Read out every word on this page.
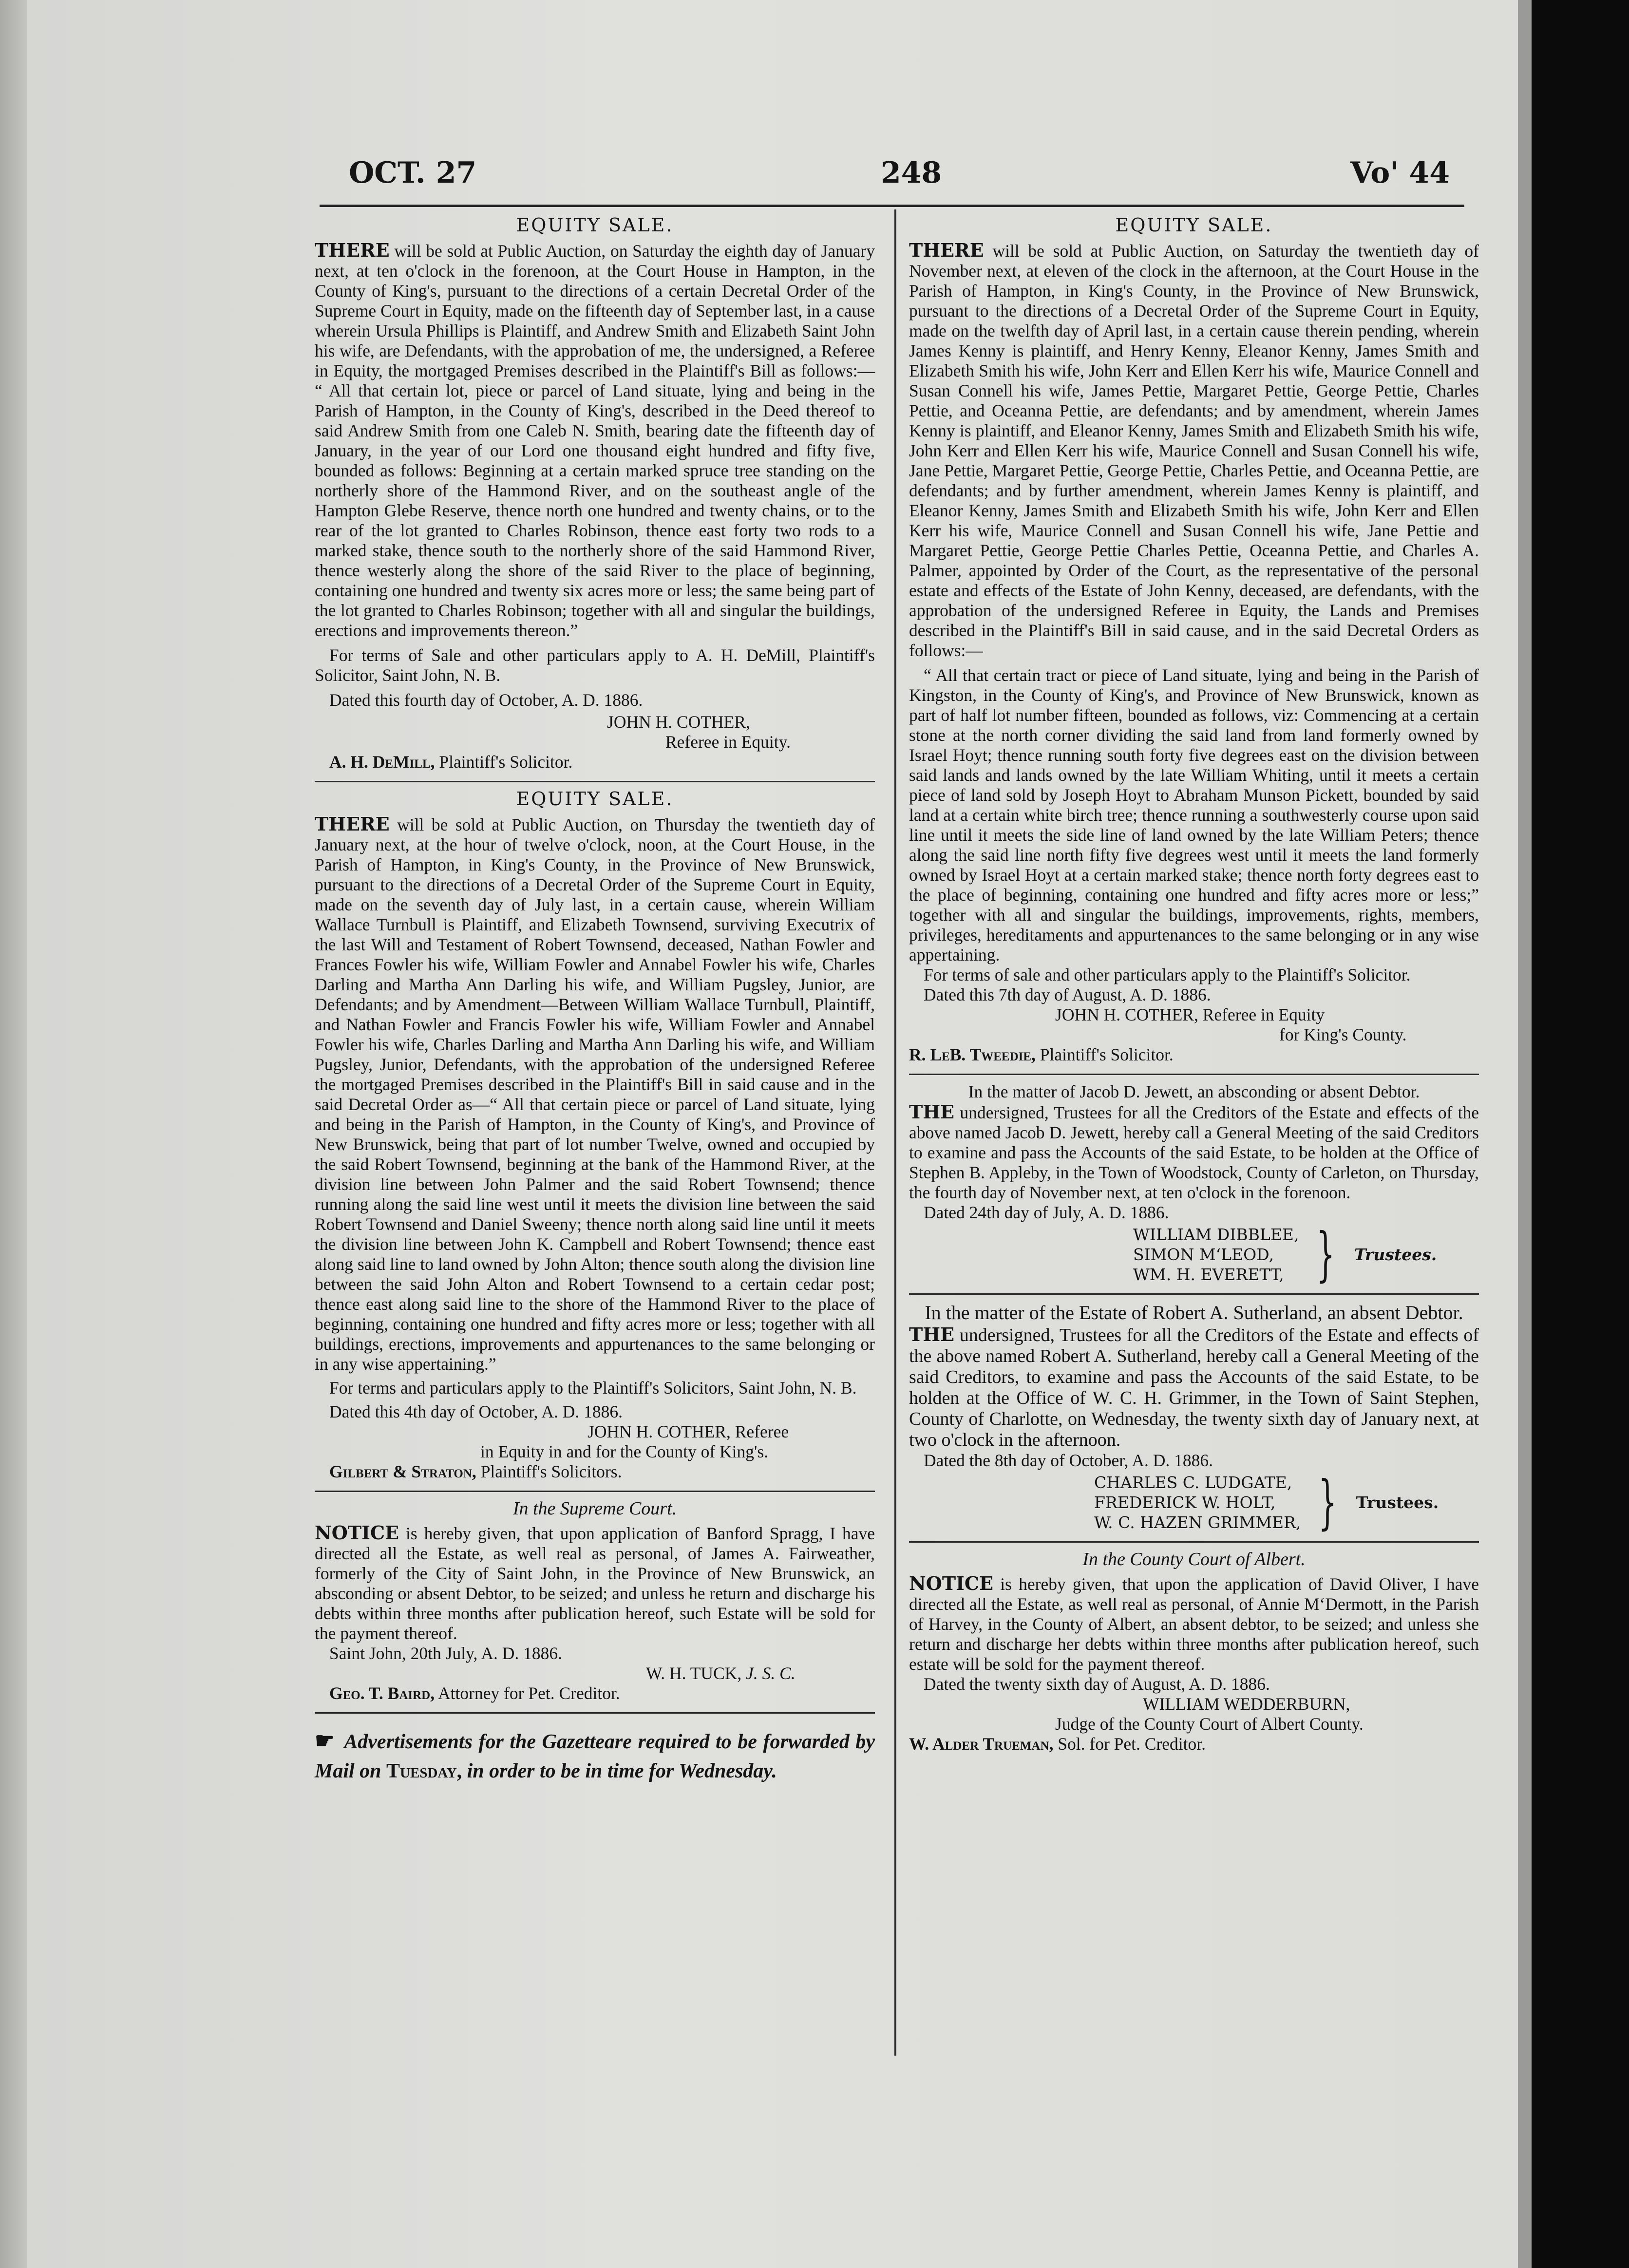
OCT. 27	248	Vo' 44
EQUITY SALE.

THERE will be sold at Public Auction, on Saturday the eighth day of January next, at ten o'clock in the forenoon, at the Court House in Hampton, in the County of King's, pursuant to the directions of a certain Decretal Order of the Supreme Court in Equity, made on the fifteenth day of September last, in a cause wherein Ursula Phillips is Plaintiff, and Andrew Smith and Elizabeth Saint John his wife, are Defendants, with the approbation of me, the undersigned, a Referee in Equity, the mortgaged Premises described in the Plaintiff's Bill as follows:— “ All that certain lot, piece or parcel of Land situate, lying and being in the Parish of Hampton, in the County of King's, described in the Deed thereof to said Andrew Smith from one Caleb N. Smith, bearing date the fifteenth day of January, in the year of our Lord one thousand eight hundred and fifty five, bounded as follows: Beginning at a certain marked spruce tree standing on the northerly shore of the Hammond River, and on the southeast angle of the Hampton Glebe Reserve, thence north one hundred and twenty chains, or to the rear of the lot granted to Charles Robinson, thence east forty two rods to a marked stake, thence south to the northerly shore of the said Hammond River, thence westerly along the shore of the said River to the place of beginning, containing one hundred and twenty six acres more or less; the same being part of the lot granted to Charles Robinson; together with all and singular the buildings, erections and improvements thereon.”

For terms of Sale and other particulars apply to A. H. DeMill, Plaintiff's Solicitor, Saint John, N. B.

Dated this fourth day of October, A. D. 1886.

JOHN H. COTHER,
Referee in Equity.
A. H. DeMill, Plaintiff's Solicitor.
EQUITY SALE.

THERE will be sold at Public Auction, on Thursday the twentieth day of January next, at the hour of twelve o'clock, noon, at the Court House, in the Parish of Hampton, in King's County, in the Province of New Brunswick, pursuant to the directions of a Decretal Order of the Supreme Court in Equity, made on the seventh day of July last, in a certain cause, wherein William Wallace Turnbull is Plaintiff, and Elizabeth Townsend, surviving Executrix of the last Will and Testament of Robert Townsend, deceased, Nathan Fowler and Frances Fowler his wife, William Fowler and Annabel Fowler his wife, Charles Darling and Martha Ann Darling his wife, and William Pugsley, Junior, are Defendants; and by Amendment—Between William Wallace Turnbull, Plaintiff, and Nathan Fowler and Francis Fowler his wife, William Fowler and Annabel Fowler his wife, Charles Darling and Martha Ann Darling his wife, and William Pugsley, Junior, Defendants, with the approbation of the undersigned Referee the mortgaged Premises described in the Plaintiff's Bill in said cause and in the said Decretal Order as—“ All that certain piece or parcel of Land situate, lying and being in the Parish of Hampton, in the County of King's, and Province of New Brunswick, being that part of lot number Twelve, owned and occupied by the said Robert Townsend, beginning at the bank of the Hammond River, at the division line between John Palmer and the said Robert Townsend; thence running along the said line west until it meets the division line between the said Robert Townsend and Daniel Sweeny; thence north along said line until it meets the division line between John K. Campbell and Robert Townsend; thence east along said line to land owned by John Alton; thence south along the division line between the said John Alton and Robert Townsend to a certain cedar post; thence east along said line to the shore of the Hammond River to the place of beginning, containing one hundred and fifty acres more or less; together with all buildings, erections, improvements and appurtenances to the same belonging or in any wise appertaining.”

For terms and particulars apply to the Plaintiff's Solicitors, Saint John, N. B.

Dated this 4th day of October, A. D. 1886.

JOHN H. COTHER, Referee
in Equity in and for the County of King's.
Gilbert & Straton, Plaintiff's Solicitors.
In the Supreme Court.

NOTICE is hereby given, that upon application of Banford Spragg, I have directed all the Estate, as well real as personal, of James A. Fairweather, formerly of the City of Saint John, in the Province of New Brunswick, an absconding or absent Debtor, to be seized; and unless he return and discharge his debts within three months after publication hereof, such Estate will be sold for the payment thereof.

Saint John, 20th July, A. D. 1886.

W. H. TUCK, J. S. C.
Geo. T. Baird, Attorney for Pet. Creditor.
☛ Advertisements for the Gazetteare required to be forwarded by Mail on Tuesday, in order to be in time for Wednesday.
EQUITY SALE.

THERE will be sold at Public Auction, on Saturday the twentieth day of November next, at eleven of the clock in the afternoon, at the Court House in the Parish of Hampton, in King's County, in the Province of New Brunswick, pursuant to the directions of a Decretal Order of the Supreme Court in Equity, made on the twelfth day of April last, in a certain cause therein pending, wherein James Kenny is plaintiff, and Henry Kenny, Eleanor Kenny, James Smith and Elizabeth Smith his wife, John Kerr and Ellen Kerr his wife, Maurice Connell and Susan Connell his wife, James Pettie, Margaret Pettie, George Pettie, Charles Pettie, and Oceanna Pettie, are defendants; and by amendment, wherein James Kenny is plaintiff, and Eleanor Kenny, James Smith and Elizabeth Smith his wife, John Kerr and Ellen Kerr his wife, Maurice Connell and Susan Connell his wife, Jane Pettie, Margaret Pettie, George Pettie, Charles Pettie, and Oceanna Pettie, are defendants; and by further amendment, wherein James Kenny is plaintiff, and Eleanor Kenny, James Smith and Elizabeth Smith his wife, John Kerr and Ellen Kerr his wife, Maurice Connell and Susan Connell his wife, Jane Pettie and Margaret Pettie, George Pettie Charles Pettie, Oceanna Pettie, and Charles A. Palmer, appointed by Order of the Court, as the representative of the personal estate and effects of the Estate of John Kenny, deceased, are defendants, with the approbation of the undersigned Referee in Equity, the Lands and Premises described in the Plaintiff's Bill in said cause, and in the said Decretal Orders as follows:—

“ All that certain tract or piece of Land situate, lying and being in the Parish of Kingston, in the County of King's, and Province of New Brunswick, known as part of half lot number fifteen, bounded as follows, viz: Commencing at a certain stone at the north corner dividing the said land from land formerly owned by Israel Hoyt; thence running south forty five degrees east on the division between said lands and lands owned by the late William Whiting, until it meets a certain piece of land sold by Joseph Hoyt to Abraham Munson Pickett, bounded by said land at a certain white birch tree; thence running a southwesterly course upon said line until it meets the side line of land owned by the late William Peters; thence along the said line north fifty five degrees west until it meets the land formerly owned by Israel Hoyt at a certain marked stake; thence north forty degrees east to the place of beginning, containing one hundred and fifty acres more or less;” together with all and singular the buildings, improvements, rights, members, privileges, hereditaments and appurtenances to the same belonging or in any wise appertaining.

For terms of sale and other particulars apply to the Plaintiff's Solicitor.

Dated this 7th day of August, A. D. 1886.

JOHN H. COTHER, Referee in Equity
for King's County.
R. LeB. Tweedie, Plaintiff's Solicitor.
In the matter of Jacob D. Jewett, an absconding or absent Debtor.

THE undersigned, Trustees for all the Creditors of the Estate and effects of the above named Jacob D. Jewett, hereby call a General Meeting of the said Creditors to examine and pass the Accounts of the said Estate, to be holden at the Office of Stephen B. Appleby, in the Town of Woodstock, County of Carleton, on Thursday, the fourth day of November next, at ten o'clock in the forenoon.

Dated 24th day of July, A. D. 1886.

WILLIAM DIBBLEE,
SIMON M‘LEOD,
WM. H. EVERETT, } Trustees.
In the matter of the Estate of Robert A. Sutherland, an absent Debtor.

THE undersigned, Trustees for all the Creditors of the Estate and effects of the above named Robert A. Sutherland, hereby call a General Meeting of the said Creditors, to examine and pass the Accounts of the said Estate, to be holden at the Office of W. C. H. Grimmer, in the Town of Saint Stephen, County of Charlotte, on Wednesday, the twenty sixth day of January next, at two o'clock in the afternoon.

Dated the 8th day of October, A. D. 1886.

CHARLES C. LUDGATE,
FREDERICK W. HOLT,
W. C. HAZEN GRIMMER, } Trustees.
In the County Court of Albert.

NOTICE is hereby given, that upon the application of David Oliver, I have directed all the Estate, as well real as personal, of Annie M‘Dermott, in the Parish of Harvey, in the County of Albert, an absent debtor, to be seized; and unless she return and discharge her debts within three months after publication hereof, such estate will be sold for the payment thereof.

Dated the twenty sixth day of August, A. D. 1886.

WILLIAM WEDDERBURN,
Judge of the County Court of Albert County.
W. Alder Trueman, Sol. for Pet. Creditor.
